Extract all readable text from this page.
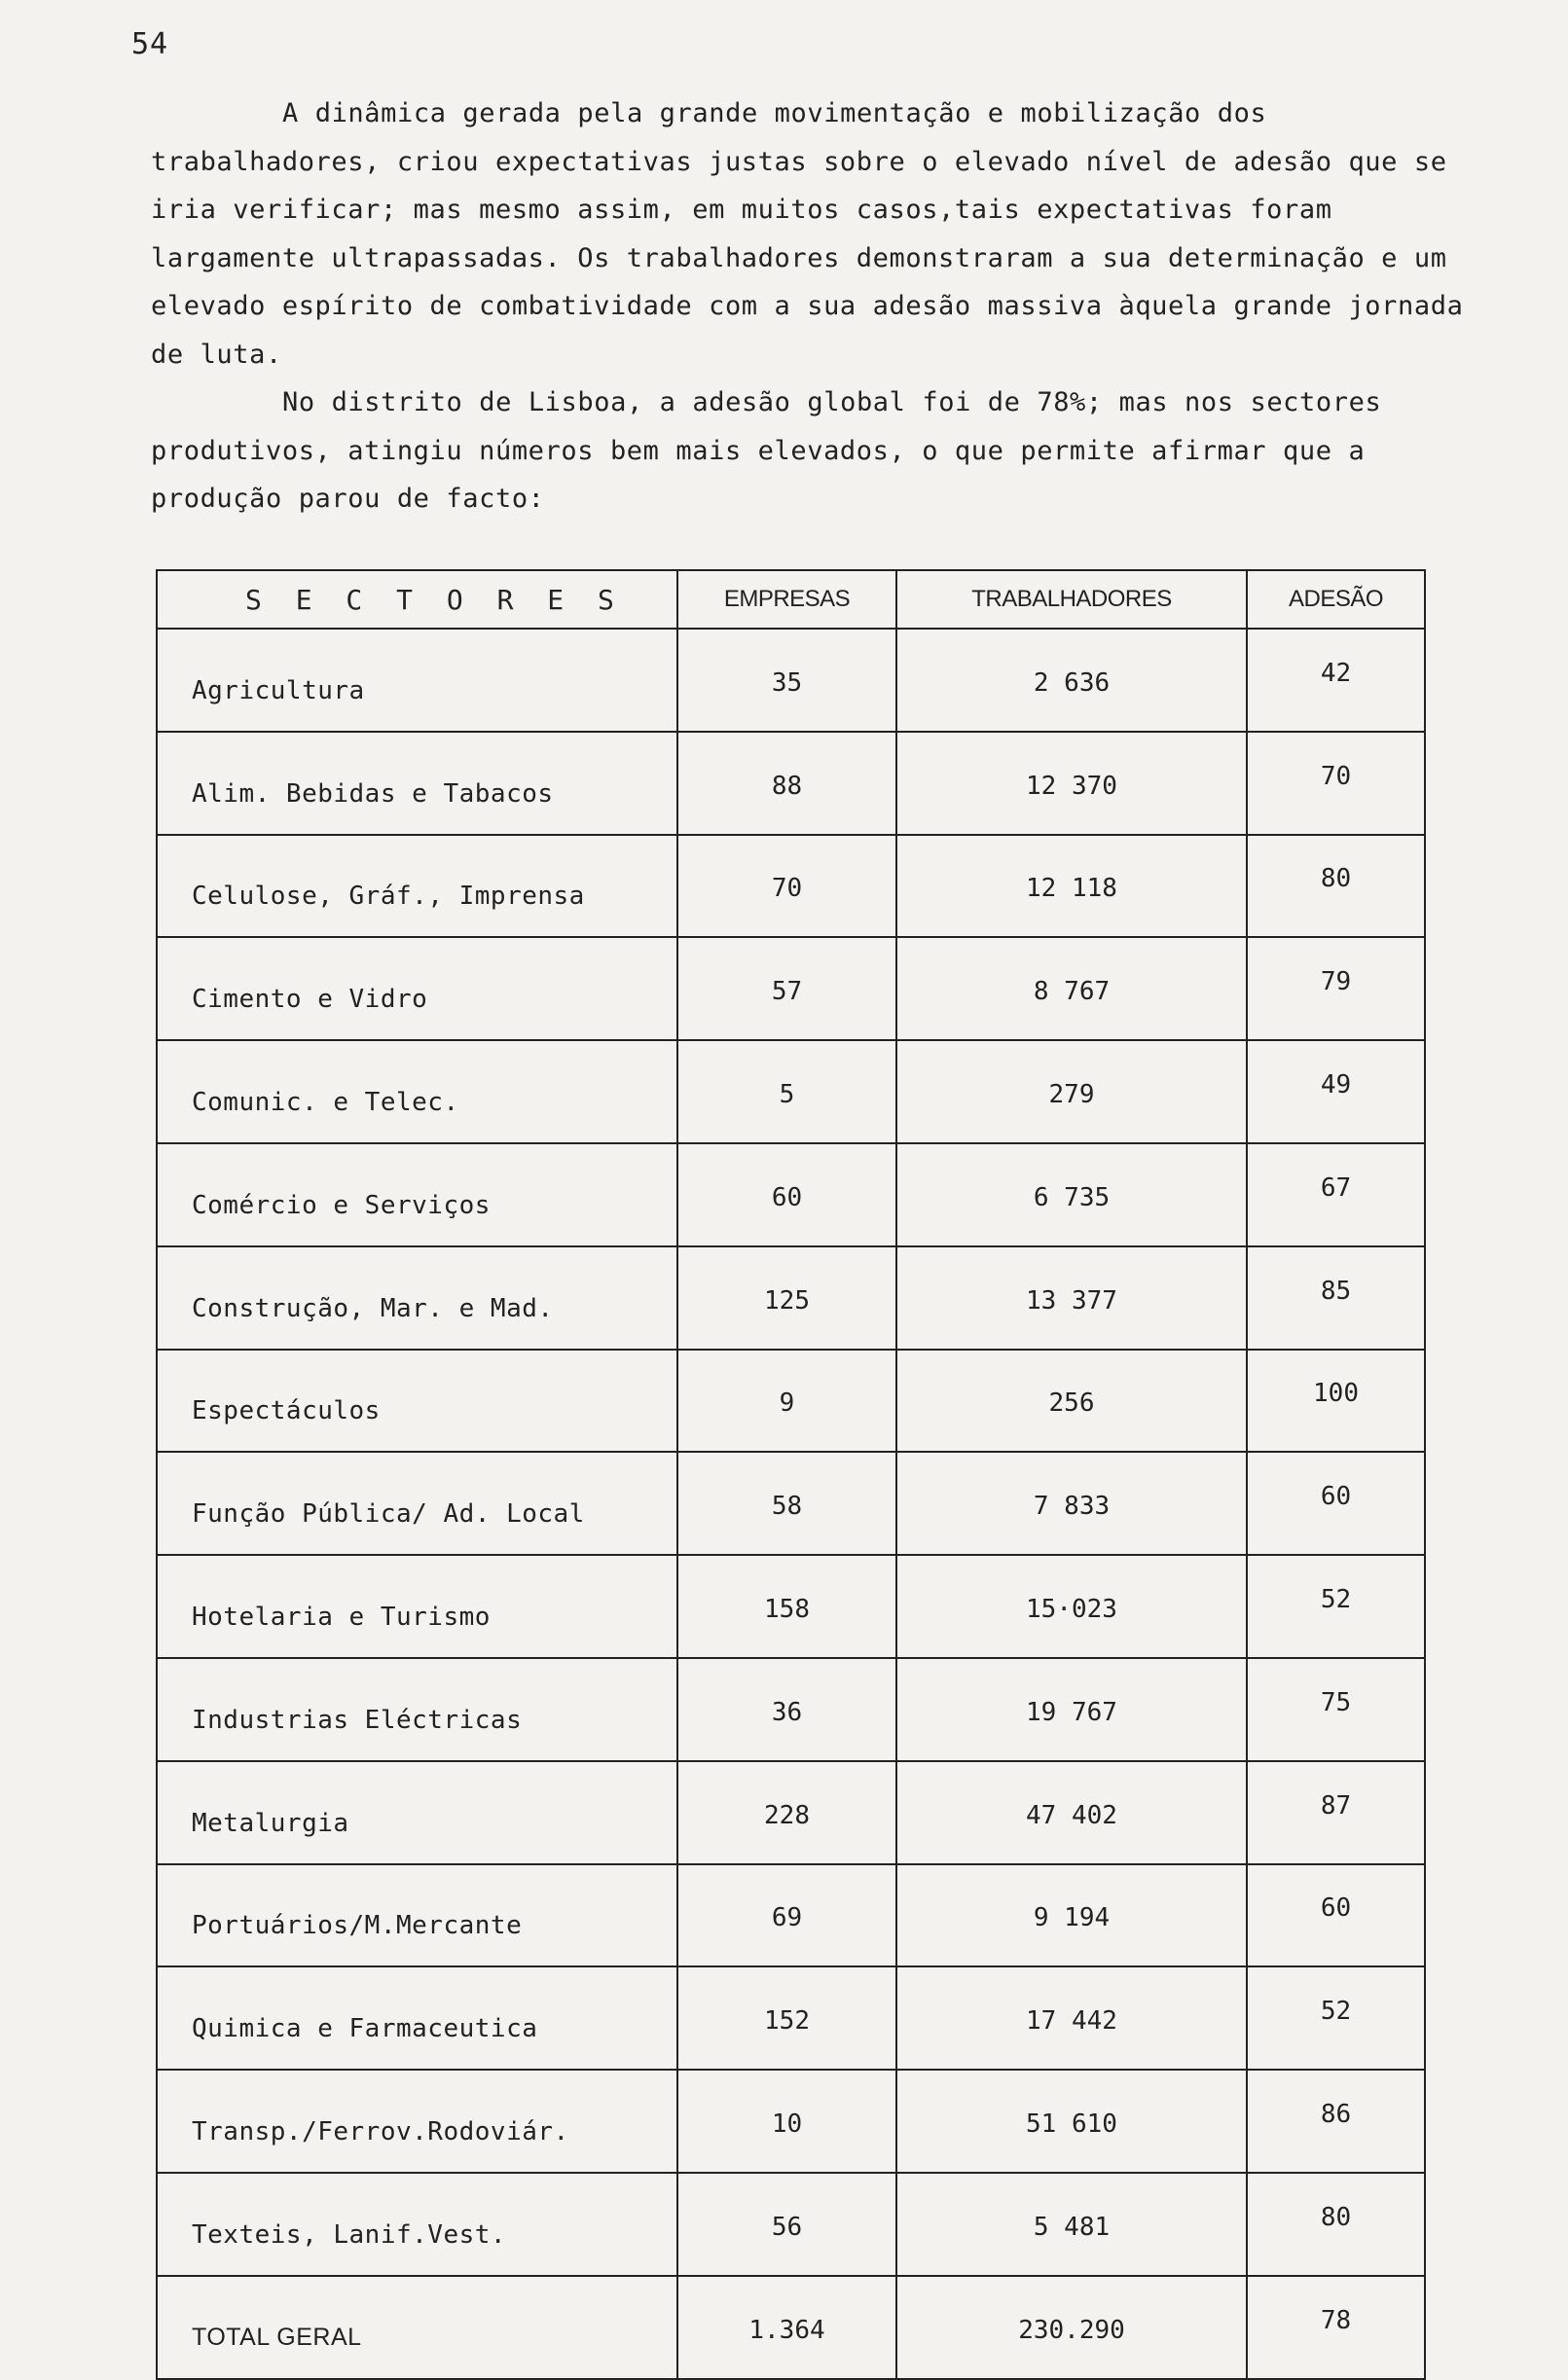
54

A dinâmica gerada pela grande movimentação e mobilização dos trabalhadores, criou expectativas justas sobre o elevado nível de adesão que se iria verificar; mas mesmo assim, em muitos casos,tais expectativas foram largamente ultrapassadas. Os trabalhadores demonstraram a sua determinação e um elevado espírito de combatividade com a sua adesão massiva àquela grande jornada de luta.

No distrito de Lisboa, a adesão global foi de 78%; mas nos sectores produtivos, atingiu números bem mais elevados, o que permite afirmar que a produção parou de facto:

S E C T O R E S	EMPRESAS	TRABALHADORES	ADESÃO
Agricultura	35	2 636	42
Alim. Bebidas e Tabacos	88	12 370	70
Celulose, Gráf., Imprensa	70	12 118	80
Cimento e Vidro	57	8 767	79
Comunic. e Telec.	5	279	49
Comércio e Serviços	60	6 735	67
Construção, Mar. e Mad.	125	13 377	85
Espectáculos	9	256	100
Função Pública/ Ad. Local	58	7 833	60
Hotelaria e Turismo	158	15·023	52
Industrias Eléctricas	36	19 767	75
Metalurgia	228	47 402	87
Portuários/M.Mercante	69	9 194	60
Quimica e Farmaceutica	152	17 442	52
Transp./Ferrov.Rodoviár.	10	51 610	86
Texteis, Lanif.Vest.	56	5 481	80
TOTAL GERAL	1.364	230.290	78
